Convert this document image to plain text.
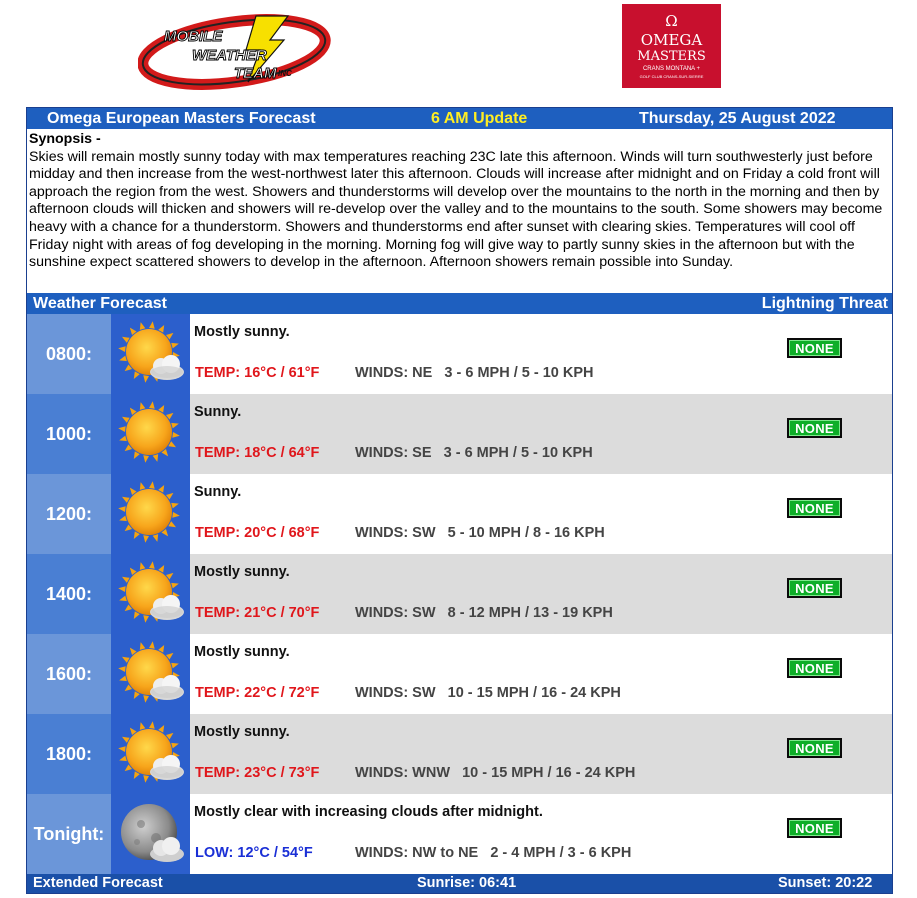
MOBILE
WEATHER
TEAM INC
Ω
OMEGA
MASTERS
CRANS MONTANA +
GOLF CLUB CRANS-SUR-SIERRE
Omega European Masters Forecast	6 AM Update	Thursday, 25 August 2022
Synopsis -
Skies will remain mostly sunny today with max temperatures reaching 23C late this afternoon. Winds will turn southwesterly just before midday and then increase from the west-northwest later this afternoon. Clouds will increase after midnight and on Friday a cold front will approach the region from the west. Showers and thunderstorms will develop over the mountains to the north in the morning and then by afternoon clouds will thicken and showers will re-develop over the valley and to the mountains to the south. Some showers may become heavy with a chance for a thunderstorm. Showers and thunderstorms end after sunset with clearing skies. Temperatures will cool off Friday night with areas of fog developing in the morning. Morning fog will give way to partly sunny skies in the afternoon but with the sunshine expect scattered showers to develop in the afternoon. Afternoon showers remain possible into Sunday.
Weather Forecast	Lightning Threat
0800:
Mostly sunny.
TEMP: 16°C / 61°F WINDS: NE   3 - 6 MPH / 5 - 10 KPH
NONE
1000:
Sunny.
TEMP: 18°C / 64°F WINDS: SE   3 - 6 MPH / 5 - 10 KPH
NONE
1200:
Sunny.
TEMP: 20°C / 68°F WINDS: SW   5 - 10 MPH / 8 - 16 KPH
NONE
1400:
Mostly sunny.
TEMP: 21°C / 70°F WINDS: SW   8 - 12 MPH / 13 - 19 KPH
NONE
1600:
Mostly sunny.
TEMP: 22°C / 72°F WINDS: SW   10 - 15 MPH / 16 - 24 KPH
NONE
1800:
Mostly sunny.
TEMP: 23°C / 73°F WINDS: WNW   10 - 15 MPH / 16 - 24 KPH
NONE
Tonight:
Mostly clear with increasing clouds after midnight.
LOW: 12°C / 54°F	WINDS: NW to NE   2 - 4 MPH / 3 - 6 KPH
NONE
Extended Forecast	Sunrise: 06:41	Sunset: 20:22
